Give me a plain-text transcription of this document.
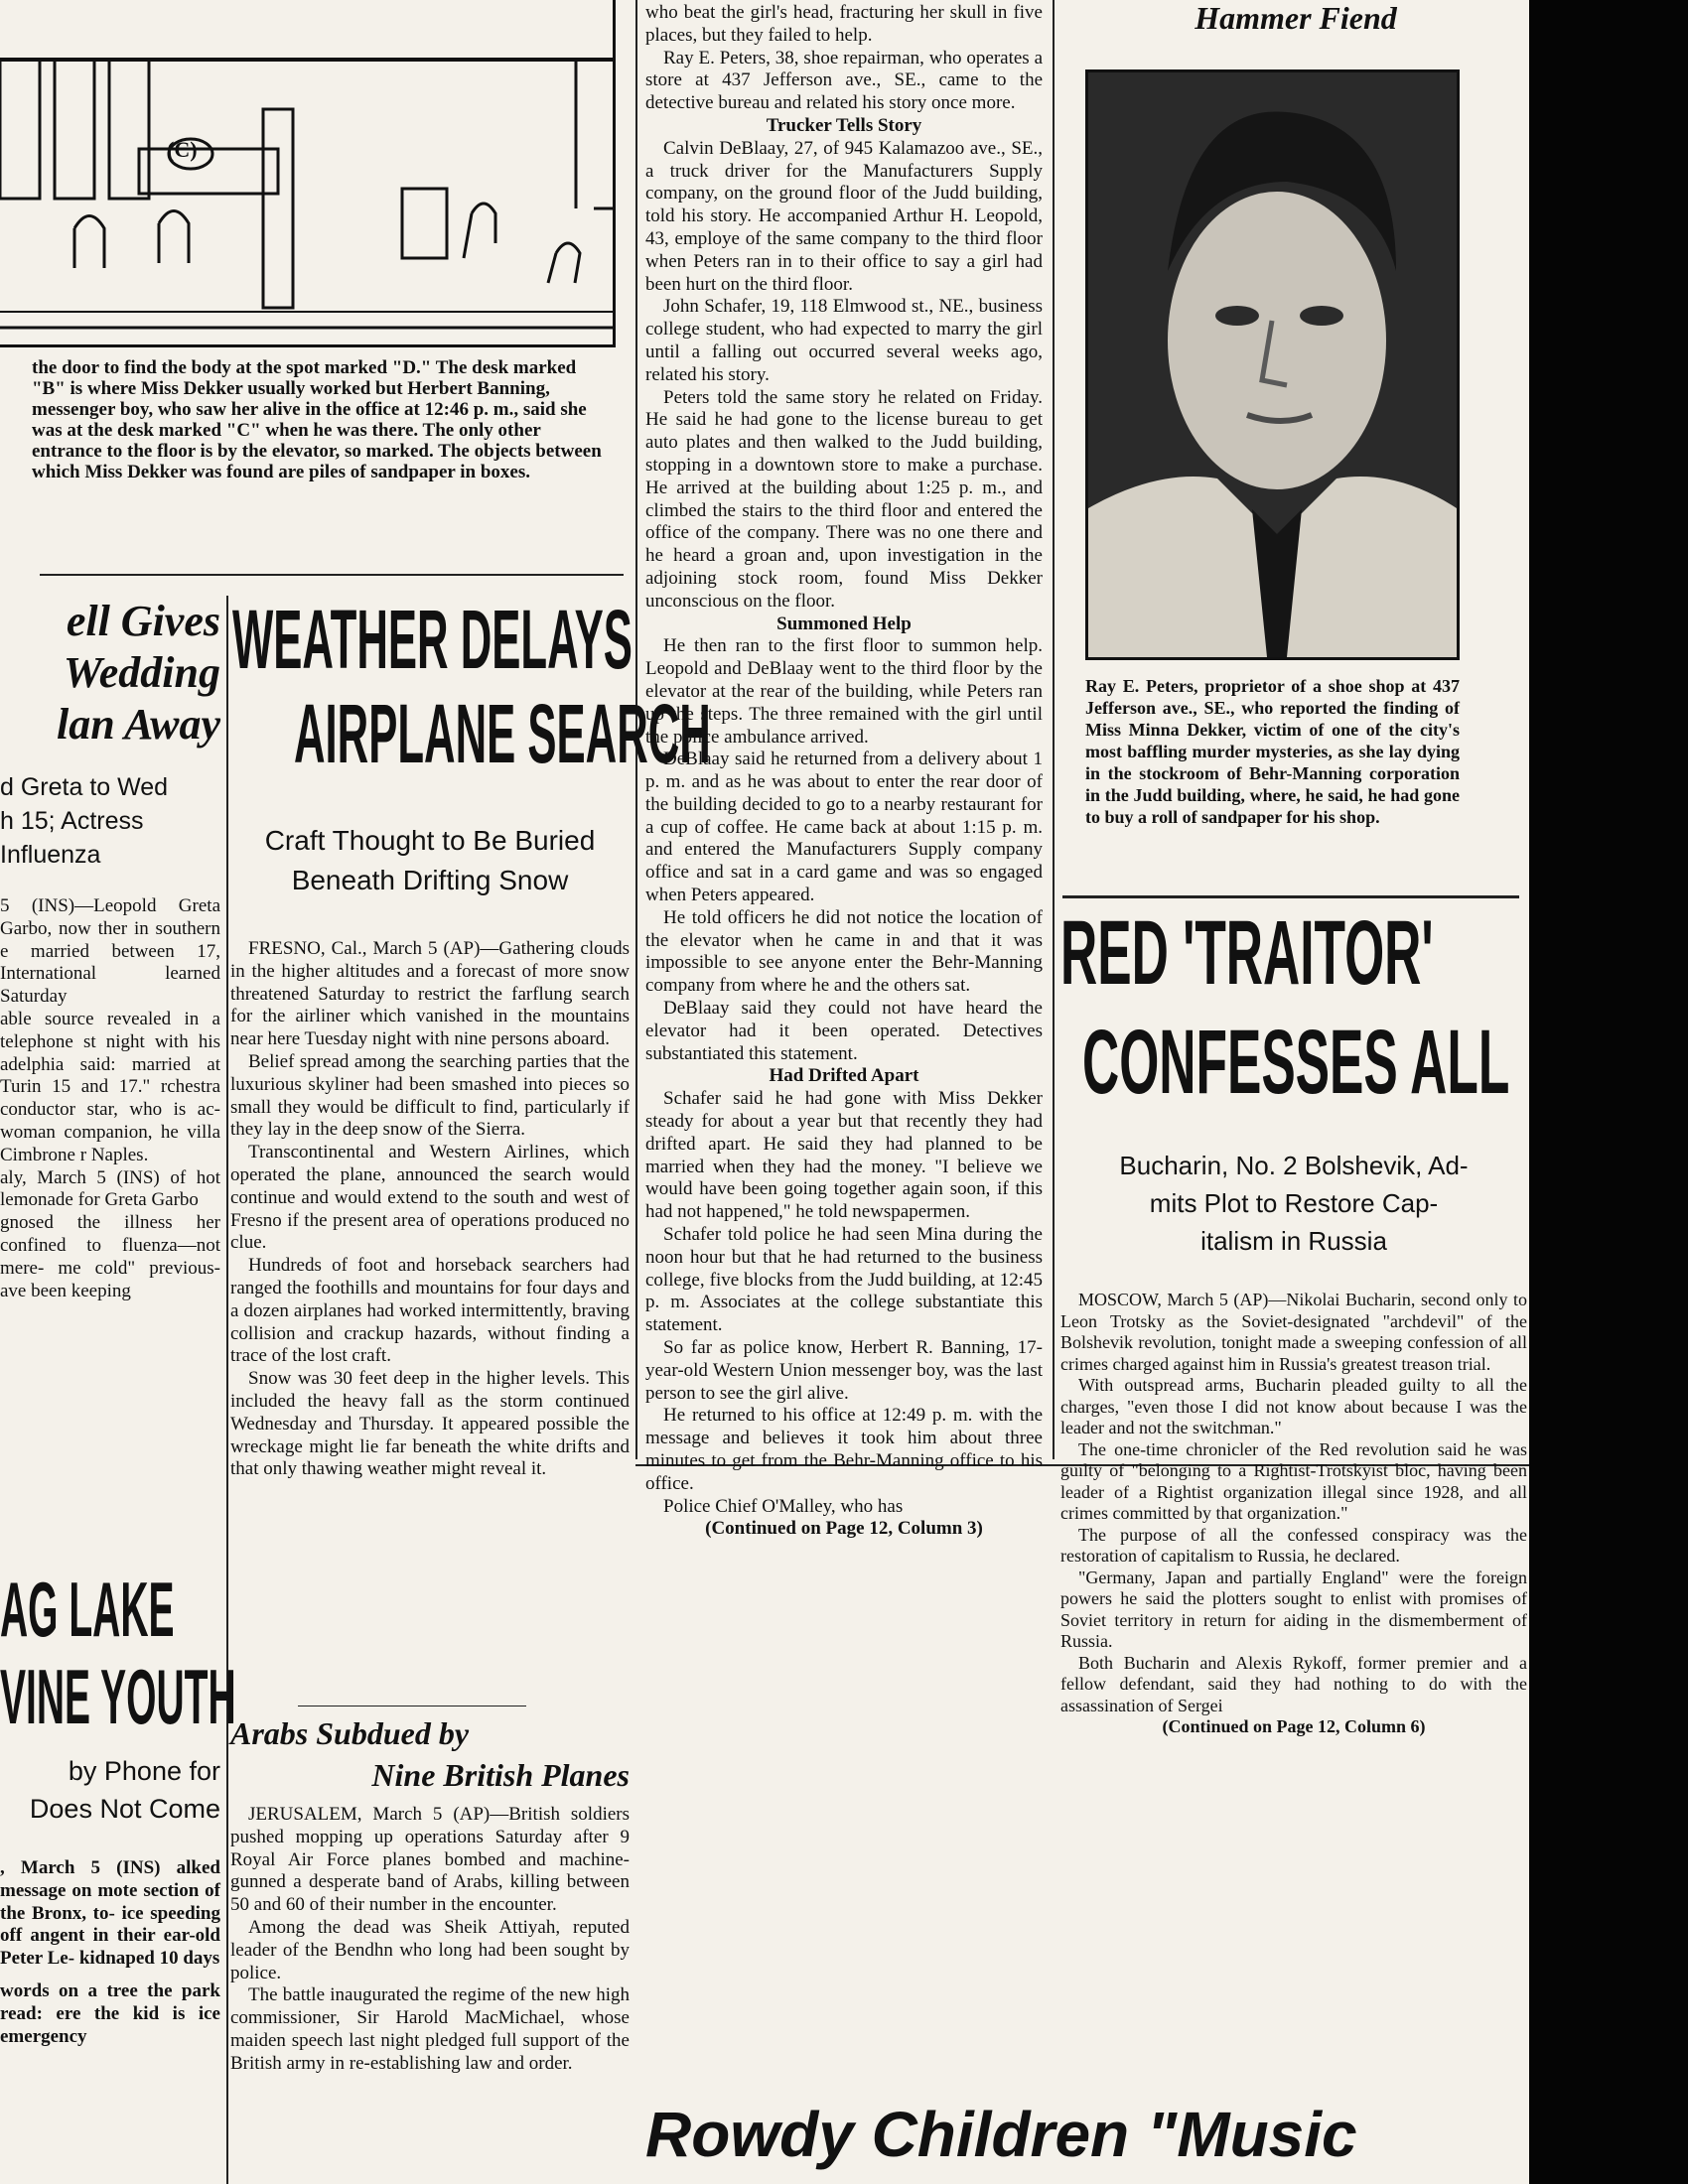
(C)
the door to find the body at the spot marked "D." The desk marked "B" is where Miss Dekker usually worked but Herbert Banning, messenger boy, who saw her alive in the office at 12:46 p. m., said she was at the desk marked "C" when he was there. The only other entrance to the floor is by the elevator, so marked. The objects between which Miss Dekker was found are piles of sandpaper in boxes.
ell Gives
Wedding
lan Away
d Greta to Wed
h 15; Actress
Influenza

5 (INS)—Leopold Greta Garbo, now ther in southern e married between 17, International learned Saturday

able source revealed in a telephone st night with his adelphia said: married at Turin 15 and 17." rchestra conductor star, who is ac- woman companion, he villa Cimbrone r Naples.

aly, March 5 (INS) of hot lemonade for Greta Garbo

gnosed the illness her confined to fluenza—not mere- me cold" previous- ave been keeping

AG LAKE
VINE YOUTH
by Phone for
Does Not Come

, March 5 (INS) alked message on mote section of the Bronx, to- ice speeding off angent in their ear-old Peter Le- kidnaped 10 days

words on a tree the park read: ere the kid is ice emergency

WEATHER DELAYS
AIRPLANE SEARCH
Craft Thought to Be Buried
Beneath Drifting Snow

FRESNO, Cal., March 5 (AP)—Gathering clouds in the higher altitudes and a forecast of more snow threatened Saturday to restrict the farflung search for the airliner which vanished in the mountains near here Tuesday night with nine persons aboard.

Belief spread among the searching parties that the luxurious skyliner had been smashed into pieces so small they would be difficult to find, particularly if they lay in the deep snow of the Sierra.

Transcontinental and Western Airlines, which operated the plane, announced the search would continue and would extend to the south and west of Fresno if the present area of operations produced no clue.

Hundreds of foot and horseback searchers had ranged the foothills and mountains for four days and a dozen airplanes had worked intermittently, braving collision and crackup hazards, without finding a trace of the lost craft.

Snow was 30 feet deep in the higher levels. This included the heavy fall as the storm continued Wednesday and Thursday. It appeared possible the wreckage might lie far beneath the white drifts and that only thawing weather might reveal it.

Arabs Subdued by
Nine British Planes

JERUSALEM, March 5 (AP)—British soldiers pushed mopping up operations Saturday after 9 Royal Air Force planes bombed and machine-gunned a desperate band of Arabs, killing between 50 and 60 of their number in the encounter.

Among the dead was Sheik Attiyah, reputed leader of the Bendhn who long had been sought by police.

The battle inaugurated the regime of the new high commissioner, Sir Harold MacMichael, whose maiden speech last night pledged full support of the British army in re-establishing law and order.

who beat the girl's head, fracturing her skull in five places, but they failed to help.

Ray E. Peters, 38, shoe repairman, who operates a store at 437 Jefferson ave., SE., came to the detective bureau and related his story once more.

Trucker Tells Story

Calvin DeBlaay, 27, of 945 Kalamazoo ave., SE., a truck driver for the Manufacturers Supply company, on the ground floor of the Judd building, told his story. He accompanied Arthur H. Leopold, 43, employe of the same company to the third floor when Peters ran in to their office to say a girl had been hurt on the third floor.

John Schafer, 19, 118 Elmwood st., NE., business college student, who had expected to marry the girl until a falling out occurred several weeks ago, related his story.

Peters told the same story he related on Friday. He said he had gone to the license bureau to get auto plates and then walked to the Judd building, stopping in a downtown store to make a purchase. He arrived at the building about 1:25 p. m., and climbed the stairs to the third floor and entered the office of the company. There was no one there and he heard a groan and, upon investigation in the adjoining stock room, found Miss Dekker unconscious on the floor.

Summoned Help

He then ran to the first floor to summon help. Leopold and DeBlaay went to the third floor by the elevator at the rear of the building, while Peters ran up the steps. The three remained with the girl until the police ambulance arrived.

DeBlaay said he returned from a delivery about 1 p. m. and as he was about to enter the rear door of the building decided to go to a nearby restaurant for a cup of coffee. He came back at about 1:15 p. m. and entered the Manufacturers Supply company office and sat in a card game and was so engaged when Peters appeared.

He told officers he did not notice the location of the elevator when he came in and that it was impossible to see anyone enter the Behr-Manning company from where he and the others sat.

DeBlaay said they could not have heard the elevator had it been operated. Detectives substantiated this statement.

Had Drifted Apart

Schafer said he had gone with Miss Dekker steady for about a year but that recently they had drifted apart. He said they had planned to be married when they had the money. "I believe we would have been going together again soon, if this had not happened," he told newspapermen.

Schafer told police he had seen Mina during the noon hour but that he had returned to the business college, five blocks from the Judd building, at 12:45 p. m. Associates at the college substantiate this statement.

So far as police know, Herbert R. Banning, 17-year-old Western Union messenger boy, was the last person to see the girl alive.

He returned to his office at 12:49 p. m. with the message and believes it took him about three minutes to get from the Behr-Manning office to his office.

Police Chief O'Malley, who has

(Continued on Page 12, Column 3)
Hammer Fiend
Ray E. Peters, proprietor of a shoe shop at 437 Jefferson ave., SE., who reported the finding of Miss Minna Dekker, victim of one of the city's most baffling murder mysteries, as she lay dying in the stockroom of Behr-Manning corporation in the Judd building, where, he said, he had gone to buy a roll of sandpaper for his shop.
RED 'TRAITOR'
CONFESSES ALL
Bucharin, No. 2 Bolshevik, Ad-
mits Plot to Restore Cap-
italism in Russia

MOSCOW, March 5 (AP)—Nikolai Bucharin, second only to Leon Trotsky as the Soviet-designated "archdevil" of the Bolshevik revolution, tonight made a sweeping confession of all crimes charged against him in Russia's greatest treason trial.

With outspread arms, Bucharin pleaded guilty to all the charges, "even those I did not know about because I was the leader and not the switchman."

The one-time chronicler of the Red revolution said he was guilty of "belonging to a Rightist-Trotskyist bloc, having been leader of a Rightist organization illegal since 1928, and all crimes committed by that organization."

The purpose of all the confessed conspiracy was the restoration of capitalism to Russia, he declared.

"Germany, Japan and partially England" were the foreign powers he said the plotters sought to enlist with promises of Soviet territory in return for aiding in the dismemberment of Russia.

Both Bucharin and Alexis Rykoff, former premier and a fellow defendant, said they had nothing to do with the assassination of Sergei

(Continued on Page 12, Column 6)
Rowdy Children "Music
